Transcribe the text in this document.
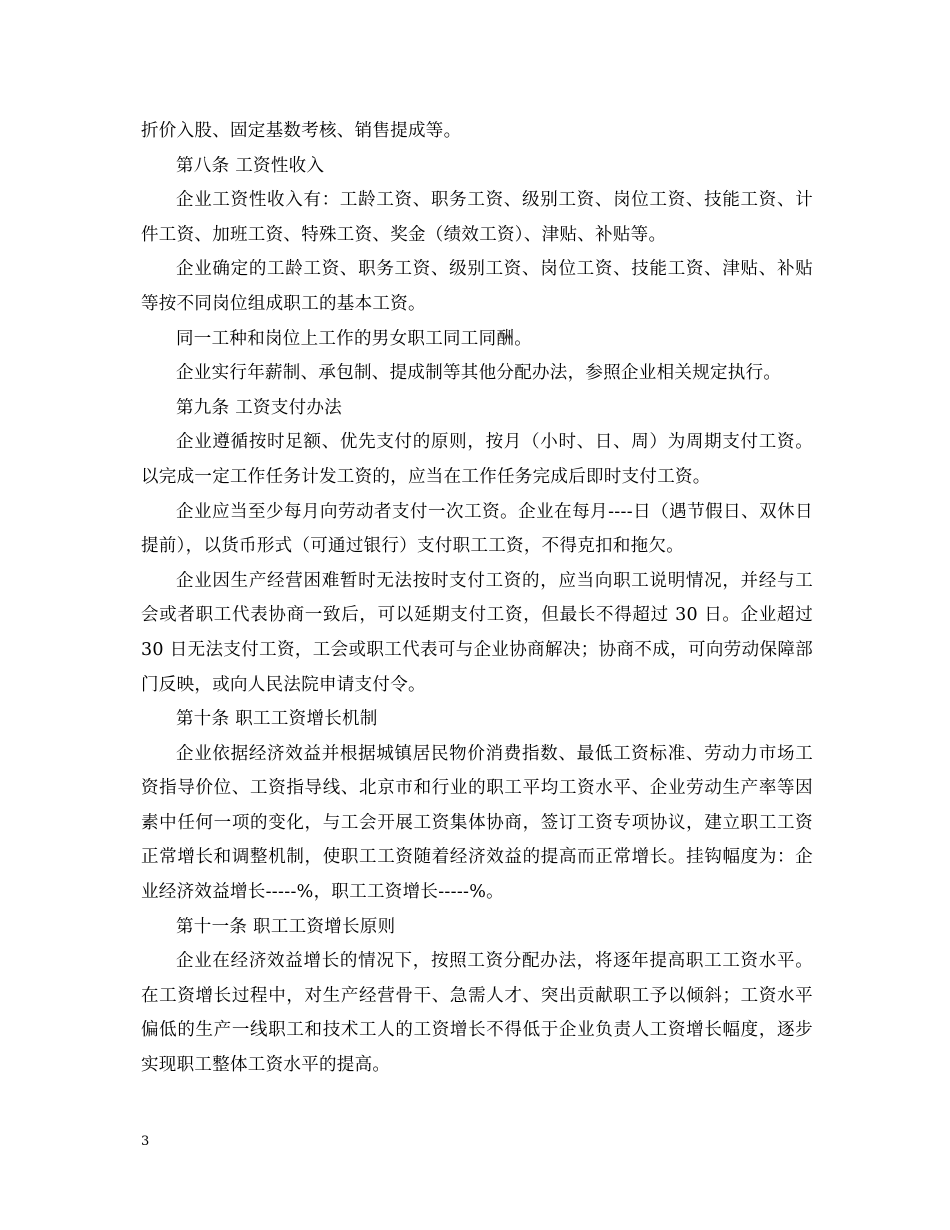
折价入股、固定基数考核、销售提成等。

第八条 工资性收入

企业工资性收入有：工龄工资、职务工资、级别工资、岗位工资、技能工资、计件工资、加班工资、特殊工资、奖金（绩效工资）、津贴、补贴等。

企业确定的工龄工资、职务工资、级别工资、岗位工资、技能工资、津贴、补贴等按不同岗位组成职工的基本工资。

同一工种和岗位上工作的男女职工同工同酬。

企业实行年薪制、承包制、提成制等其他分配办法，参照企业相关规定执行。

第九条 工资支付办法

企业遵循按时足额、优先支付的原则，按月（小时、日、周）为周期支付工资。以完成一定工作任务计发工资的，应当在工作任务完成后即时支付工资。

企业应当至少每月向劳动者支付一次工资。企业在每月----日（遇节假日、双休日提前），以货币形式（可通过银行）支付职工工资，不得克扣和拖欠。

企业因生产经营困难暂时无法按时支付工资的，应当向职工说明情况，并经与工会或者职工代表协商一致后，可以延期支付工资，但最长不得超过 30 日。企业超过 30 日无法支付工资，工会或职工代表可与企业协商解决；协商不成，可向劳动保障部门反映，或向人民法院申请支付令。

第十条 职工工资增长机制

企业依据经济效益并根据城镇居民物价消费指数、最低工资标准、劳动力市场工资指导价位、工资指导线、北京市和行业的职工平均工资水平、企业劳动生产率等因素中任何一项的变化，与工会开展工资集体协商，签订工资专项协议，建立职工工资正常增长和调整机制，使职工工资随着经济效益的提高而正常增长。挂钩幅度为：企业经济效益增长-----%，职工工资增长-----%。

第十一条 职工工资增长原则

企业在经济效益增长的情况下，按照工资分配办法，将逐年提高职工工资水平。在工资增长过程中，对生产经营骨干、急需人才、突出贡献职工予以倾斜；工资水平偏低的生产一线职工和技术工人的工资增长不得低于企业负责人工资增长幅度，逐步实现职工整体工资水平的提高。

3
